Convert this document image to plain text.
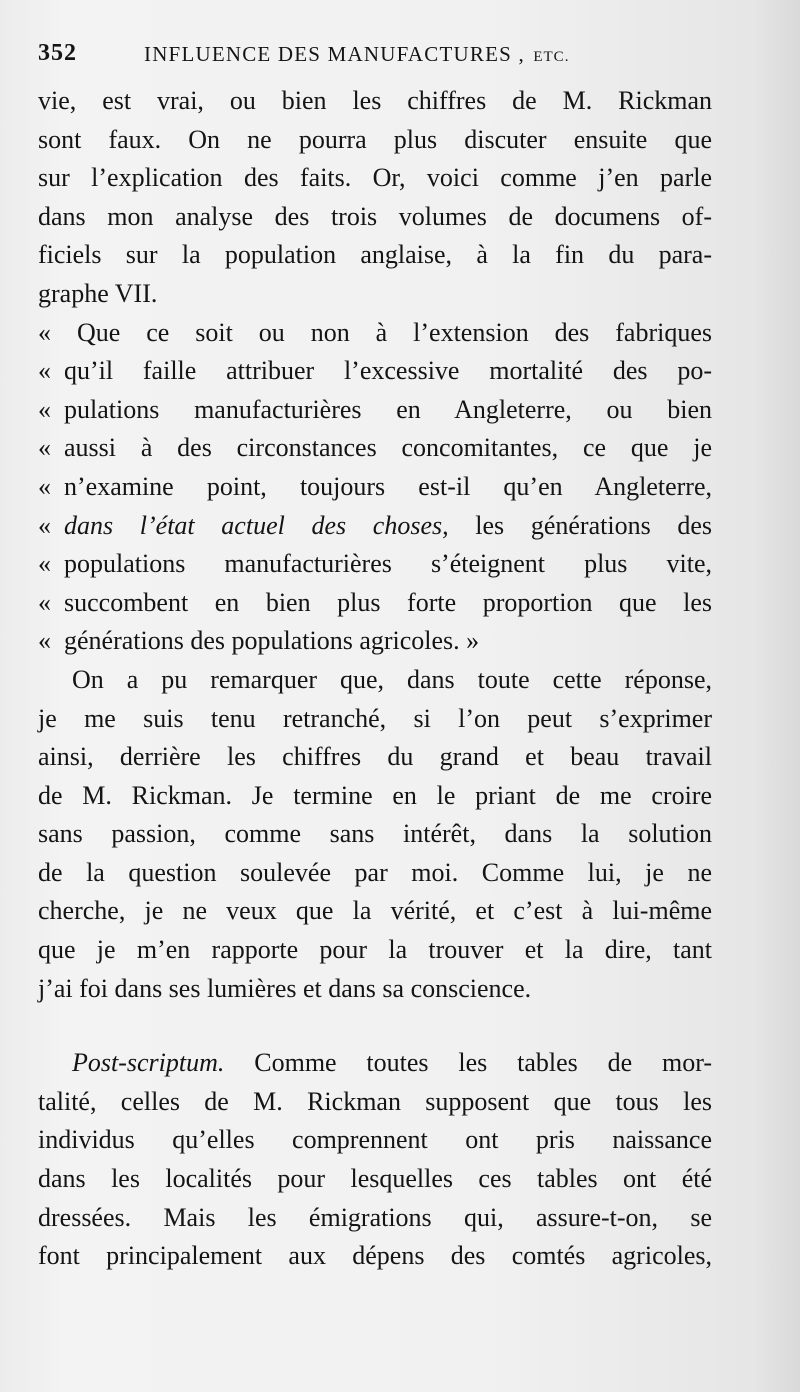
352	INFLUENCE DES MANUFACTURES , ETC.
vie, est vrai, ou bien les chiffres de M. Rickman
sont faux. On ne pourra plus discuter ensuite que
sur l’explication des faits. Or, voici comme j’en parle
dans mon analyse des trois volumes de documens of-
ficiels sur la population anglaise, à la fin du para-
graphe VII.
« Que ce soit ou non à l’extension des fabriques
« qu’il faille attribuer l’excessive mortalité des po-
« pulations manufacturières en Angleterre, ou bien
« aussi à des circonstances concomitantes, ce que je
« n’examine point, toujours est-il qu’en Angleterre,
« dans l’état actuel des choses, les générations des
« populations manufacturières s’éteignent plus vite,
« succombent en bien plus forte proportion que les
« générations des populations agricoles. »
On a pu remarquer que, dans toute cette réponse,
je me suis tenu retranché, si l’on peut s’exprimer
ainsi, derrière les chiffres du grand et beau travail
de M. Rickman. Je termine en le priant de me croire
sans passion, comme sans intérêt, dans la solution
de la question soulevée par moi. Comme lui, je ne
cherche, je ne veux que la vérité, et c’est à lui-même
que je m’en rapporte pour la trouver et la dire, tant
j’ai foi dans ses lumières et dans sa conscience.
Post-scriptum. Comme toutes les tables de mor-
talité, celles de M. Rickman supposent que tous les
individus qu’elles comprennent ont pris naissance
dans les localités pour lesquelles ces tables ont été
dressées. Mais les émigrations qui, assure-t-on, se
font principalement aux dépens des comtés agricoles,
